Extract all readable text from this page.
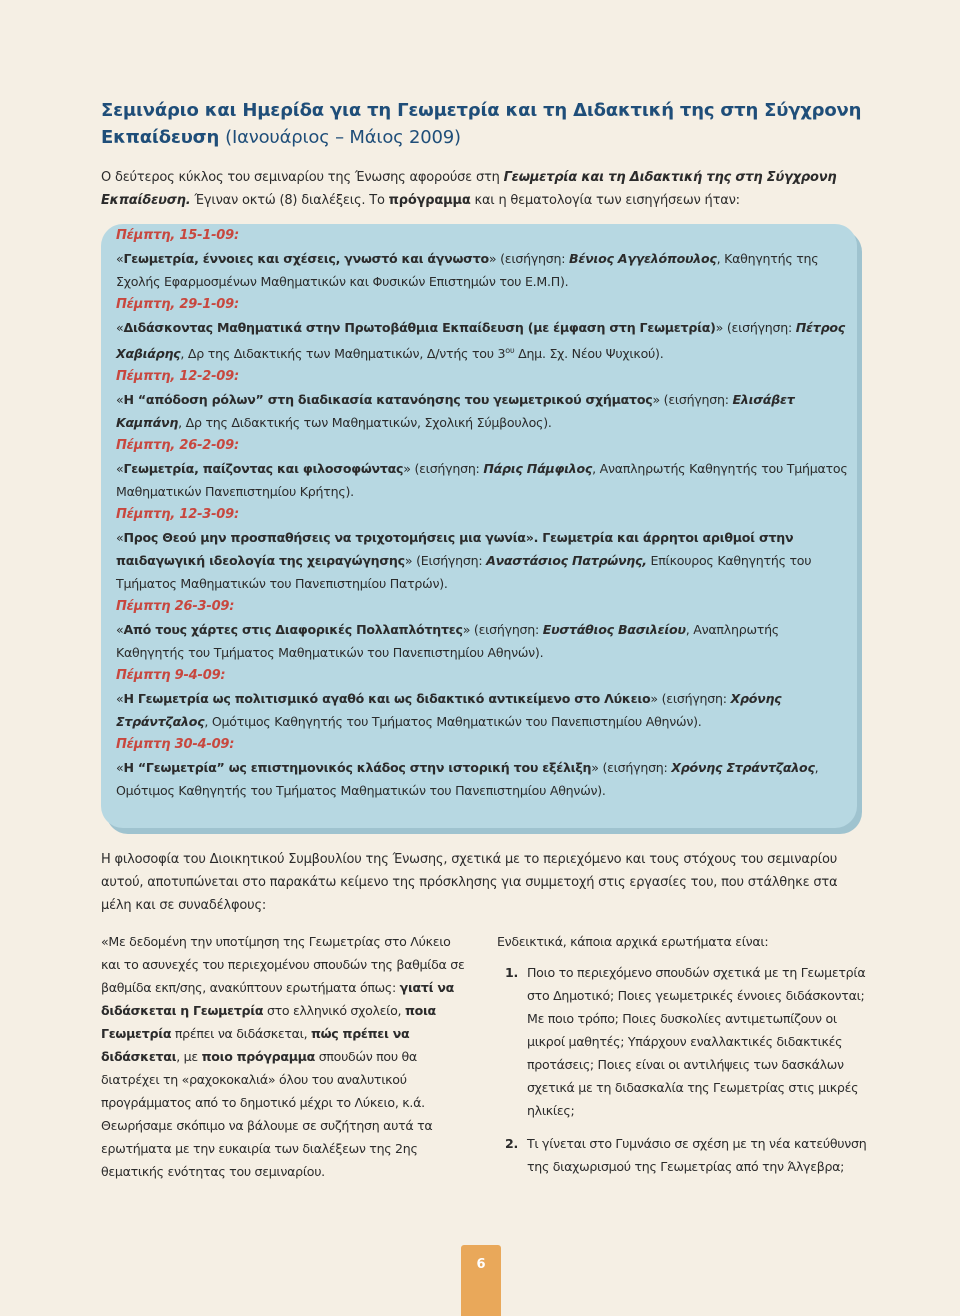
Σεμινάριο και Ημερίδα για τη Γεωμετρία και τη Διδακτική της στη Σύγχρονη Εκπαίδευση (Ιανουάριος – Μάιος 2009)
Ο δεύτερος κύκλος του σεμιναρίου της Ένωσης αφορούσε στη Γεωμετρία και τη Διδακτική της στη Σύγχρονη Εκπαίδευση. Έγιναν οκτώ (8) διαλέξεις. Το πρόγραμμα και η θεματολογία των εισηγήσεων ήταν:

Πέμπτη, 15-1-09:

«Γεωμετρία, έννοιες και σχέσεις, γνωστό και άγνωστο» (εισήγηση: Βένιος Αγγελόπουλος, Καθηγητής της Σχολής Εφαρμοσμένων Μαθηματικών και Φυσικών Επιστημών του Ε.Μ.Π).

Πέμπτη, 29-1-09:

«Διδάσκοντας Μαθηματικά στην Πρωτοβάθμια Εκπαίδευση (με έμφαση στη Γεωμετρία)» (εισήγηση: Πέτρος Χαβιάρης, Δρ της Διδακτικής των Μαθηματικών, Δ/ντής του $3^{o\upsilon}$ Δημ. Σχ. Νέου Ψυχικού).

Πέμπτη, 12-2-09:

«Η “απόδοση ρόλων” στη διαδικασία κατανόησης του γεωμετρικού σχήματος» (εισήγηση: Ελισάβετ Καμπάνη, Δρ της Διδακτικής των Μαθηματικών, Σχολική Σύμβουλος).

Πέμπτη, 26-2-09:

«Γεωμετρία, παίζοντας και φιλοσοφώντας» (εισήγηση: Πάρις Πάμφιλος, Αναπληρωτής Καθηγητής του Τμήματος Μαθηματικών Πανεπιστημίου Κρήτης).

Πέμπτη, 12-3-09:

«Προς Θεού μην προσπαθήσεις να τριχοτομήσεις μια γωνία». Γεωμετρία και άρρητοι αριθμοί στην παιδαγωγική ιδεολογία της χειραγώγησης» (Εισήγηση: Αναστάσιος Πατρώνης, Επίκουρος Καθηγητής του Τμήματος Μαθηματικών του Πανεπιστημίου Πατρών).

Πέμπτη 26-3-09:

«Από τους χάρτες στις Διαφορικές Πολλαπλότητες» (εισήγηση: Ευστάθιος Βασιλείου, Αναπληρωτής Καθηγητής του Τμήματος Μαθηματικών του Πανεπιστημίου Αθηνών).

Πέμπτη 9-4-09:

«Η Γεωμετρία ως πολιτισμικό αγαθό και ως διδακτικό αντικείμενο στο Λύκειο» (εισήγηση: Χρόνης Στράντζαλος, Ομότιμος Καθηγητής του Τμήματος Μαθηματικών του Πανεπιστημίου Αθηνών).

Πέμπτη 30-4-09:

«Η “Γεωμετρία” ως επιστημονικός κλάδος στην ιστορική του εξέλιξη» (εισήγηση: Χρόνης Στράντζαλος, Ομότιμος Καθηγητής του Τμήματος Μαθηματικών του Πανεπιστημίου Αθηνών).

Η φιλοσοφία του Διοικητικού Συμβουλίου της Ένωσης, σχετικά με το περιεχόμενο και τους στόχους του σεμιναρίου αυτού, αποτυπώνεται στο παρακάτω κείμενο της πρόσκλησης για συμμετοχή στις εργασίες του, που στάλθηκε στα μέλη και σε συναδέλφους:
«Με δεδομένη την υποτίμηση της Γεωμετρίας στο Λύκειο και το ασυνεχές του περιεχομένου σπουδών της βαθμίδα σε βαθμίδα εκπ/σης, ανακύπτουν ερωτήματα όπως: γιατί να διδάσκεται η Γεωμετρία στο ελληνικό σχολείο, ποια Γεωμετρία πρέπει να διδάσκεται, πώς πρέπει να διδάσκεται, με ποιο πρόγραμμα σπουδών που θα διατρέχει τη «ραχοκοκαλιά» όλου του αναλυτικού προγράμματος από το δημοτικό μέχρι το Λύκειο, κ.ά. Θεωρήσαμε σκόπιμο να βάλουμε σε συζήτηση αυτά τα ερωτήματα με την ευκαιρία των διαλέξεων της 2ης θεματικής ενότητας του σεμιναρίου.

Ενδεικτικά, κάποια αρχικά ερωτήματα είναι:

1. Ποιο το περιεχόμενο σπουδών σχετικά με τη Γεωμετρία στο Δημοτικό; Ποιες γεωμετρικές έννοιες διδάσκονται; Με ποιο τρόπο; Ποιες δυσκολίες αντιμετωπίζουν οι μικροί μαθητές; Υπάρχουν εναλλακτικές διδακτικές προτάσεις; Ποιες είναι οι αντιλήψεις των δασκάλων σχετικά με τη διδασκαλία της Γεωμετρίας στις μικρές ηλικίες;
2. Τι γίνεται στο Γυμνάσιο σε σχέση με τη νέα κατεύθυνση της διαχωρισμού της Γεωμετρίας από την Άλγεβρα;
6
